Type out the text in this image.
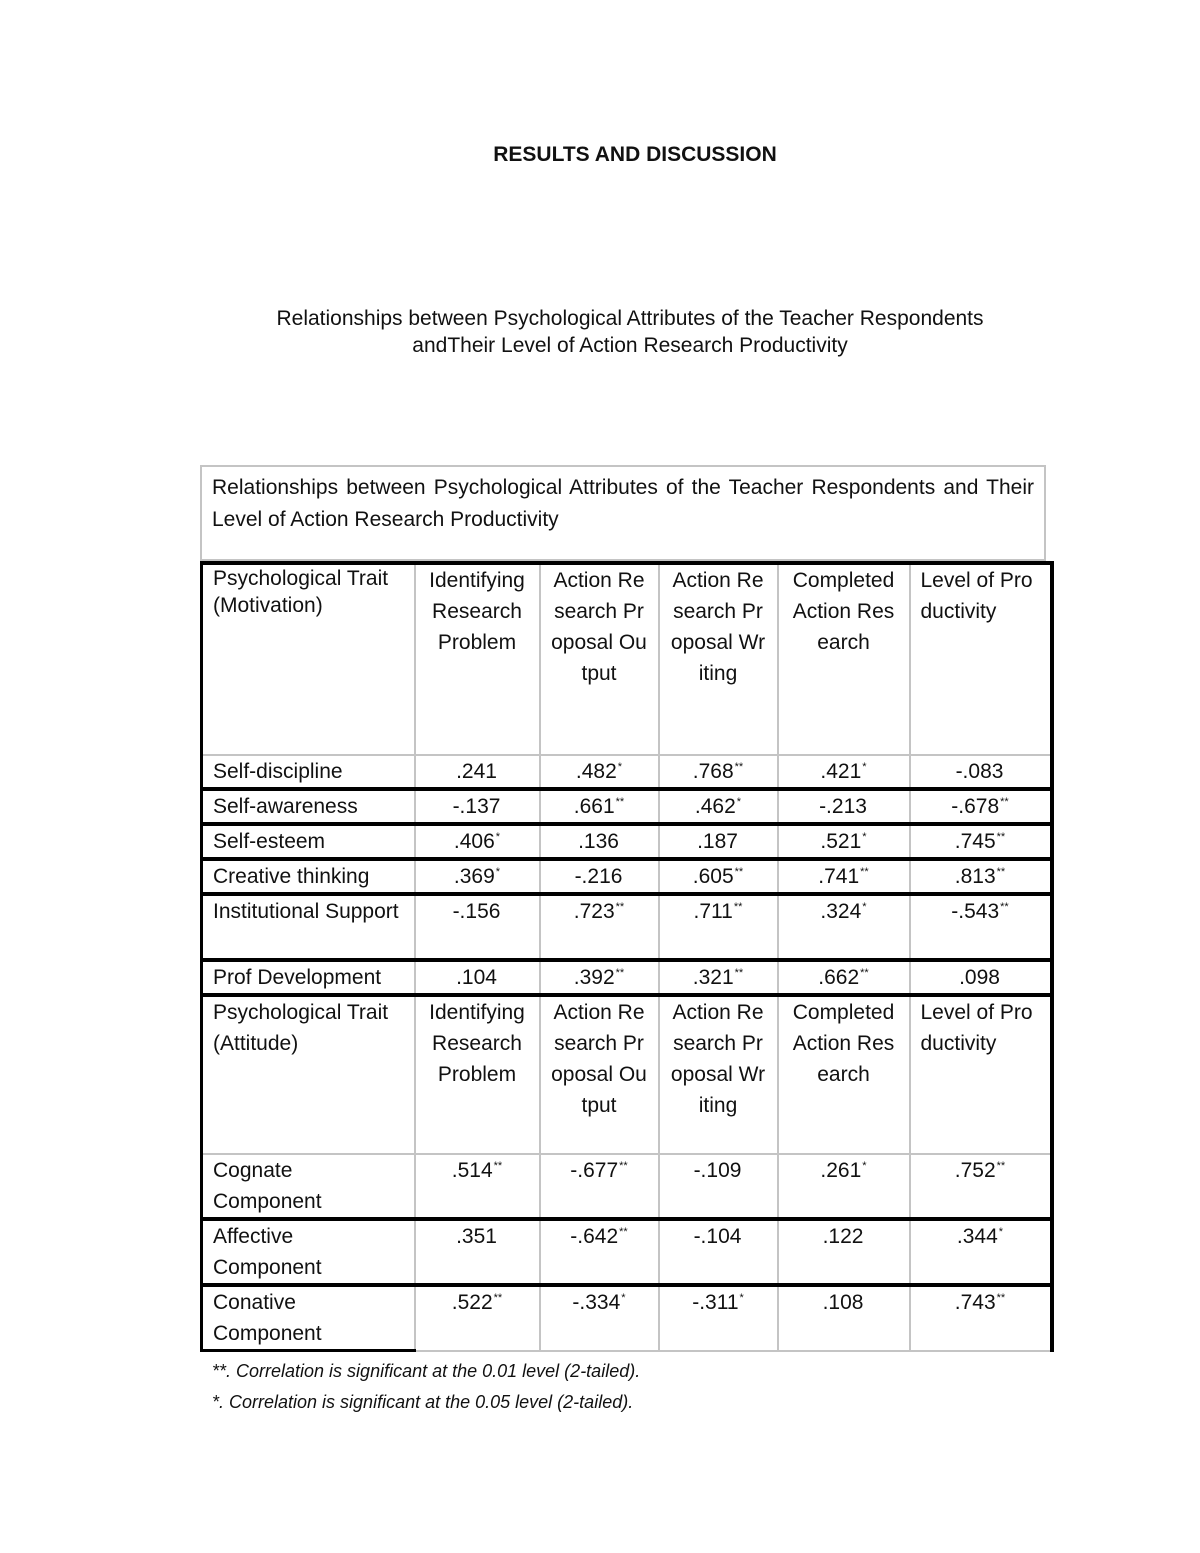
RESULTS AND DISCUSSION
Relationships between Psychological Attributes of the Teacher Respondents
andTheir Level of Action Research Productivity
Relationships between Psychological Attributes of the Teacher Respondents and Their Level of Action Research Productivity
Psychological Trait (Motivation)	Identifying Research Problem	Action Research Proposal Output	Action Research Proposal Writing	Completed Action Research	Level of Productivity
Self-discipline	.241	.482*	.768**	.421*	-.083
Self-awareness	-.137	.661**	.462*	-.213	-.678**
Self-esteem	.406*	.136	.187	.521*	.745**
Creative thinking	.369*	-.216	.605**	.741**	.813**
Institutional Support	-.156	.723**	.711**	.324*	-.543**
Prof Development	.104	.392**	.321**	.662**	.098
Psychological Trait (Attitude)	Identifying Research Problem	Action Research Proposal Output	Action Research Proposal Writing	Completed Action Research	Level of Productivity
Cognate Component	.514**	-.677**	-.109	.261*	.752**
Affective Component	.351	-.642**	-.104	.122	.344*
Conative Component	.522**	-.334*	-.311*	.108	.743**
**. Correlation is significant at the 0.01 level (2-tailed).
*. Correlation is significant at the 0.05 level (2-tailed).
